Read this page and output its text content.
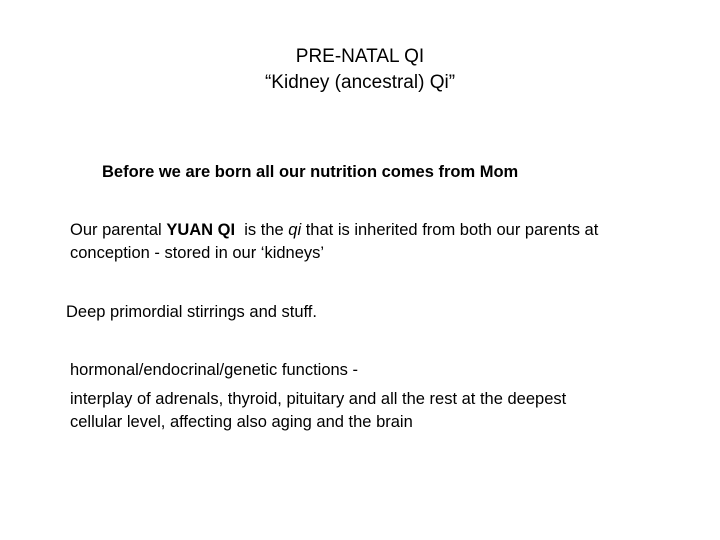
PRE-NATAL QI
“Kidney (ancestral) Qi”
Before we are born all our nutrition comes from Mom
Our parental YUAN QI  is the qi that is inherited from both our parents at
conception - stored in our ‘kidneys’
Deep primordial stirrings and stuff.
hormonal/endocrinal/genetic functions -
interplay of adrenals, thyroid, pituitary and all the rest at the deepest
cellular level, affecting also aging and the brain
